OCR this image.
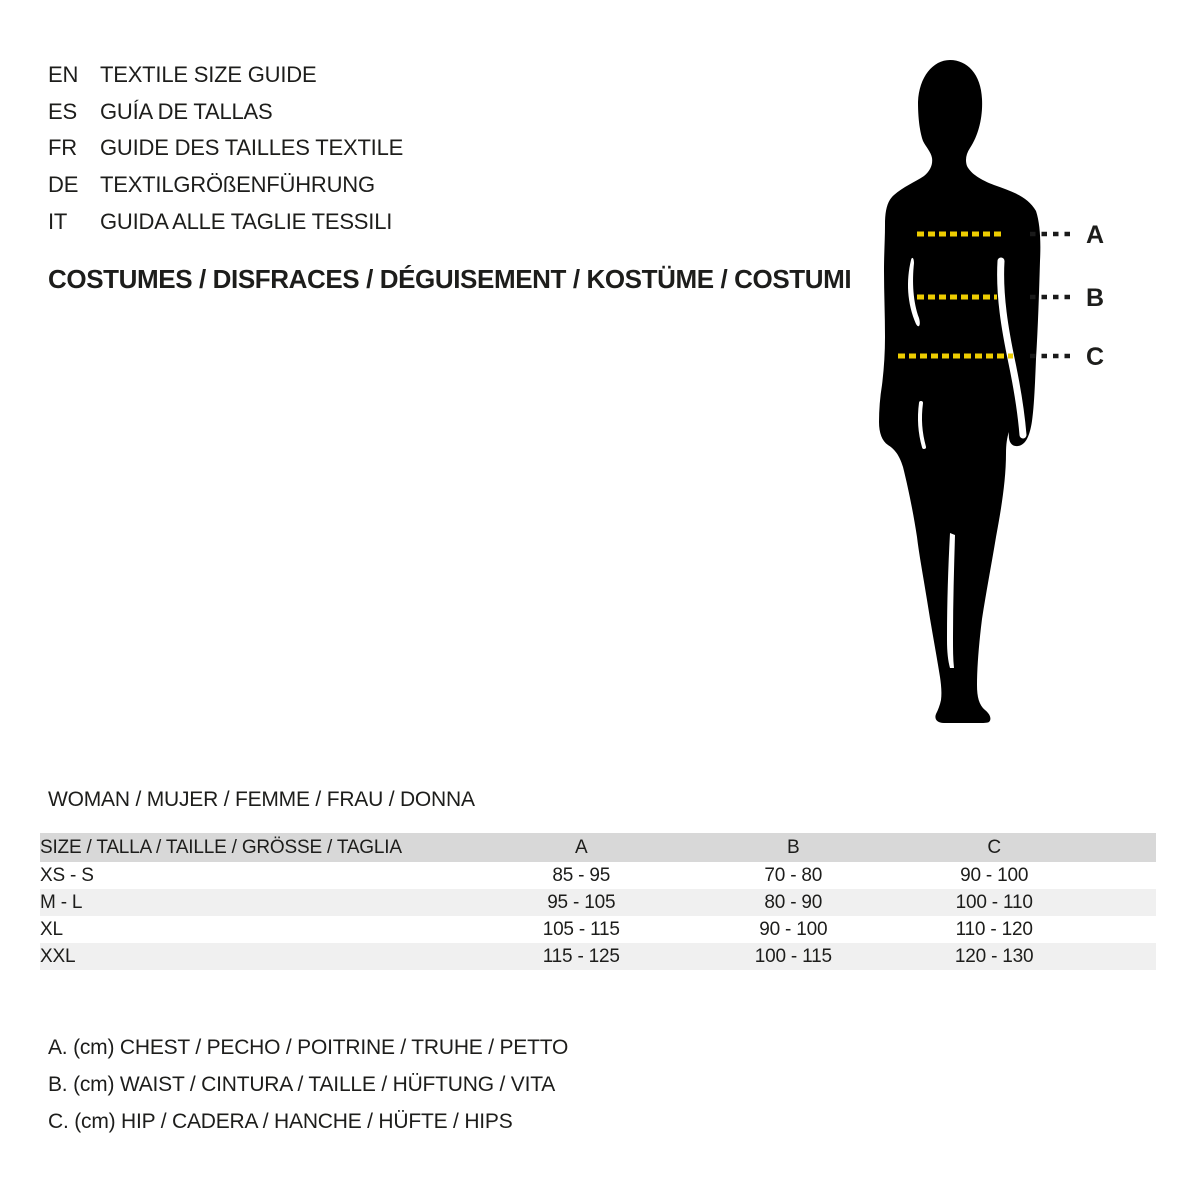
EN TEXTILE SIZE GUIDE
ES	GUÍA DE TALLAS
FR	GUIDE DES TAILLES TEXTILE
DE TEXTILGRÖßENFÜHRUNG
IT	GUIDA ALLE TAGLIE TESSILI
COSTUMES / DISFRACES / DÉGUISEMENT / KOSTÜME / COSTUMI
A
B
C
WOMAN / MUJER / FEMME / FRAU / DONNA
SIZE / TALLA / TAILLE / GRÖSSE / TAGLIA	A	B	C	
XS - S	85 - 95	70 - 80	90 - 100	
M - L	95 - 105	80 - 90	100 - 110	
XL	105 - 115	90 - 100	110 - 120	
XXL	115 - 125	100 - 115	120 - 130	
A. (cm) CHEST / PECHO / POITRINE / TRUHE / PETTO
B. (cm) WAIST / CINTURA / TAILLE / HÜFTUNG / VITA
C. (cm) HIP / CADERA / HANCHE / HÜFTE / HIPS
